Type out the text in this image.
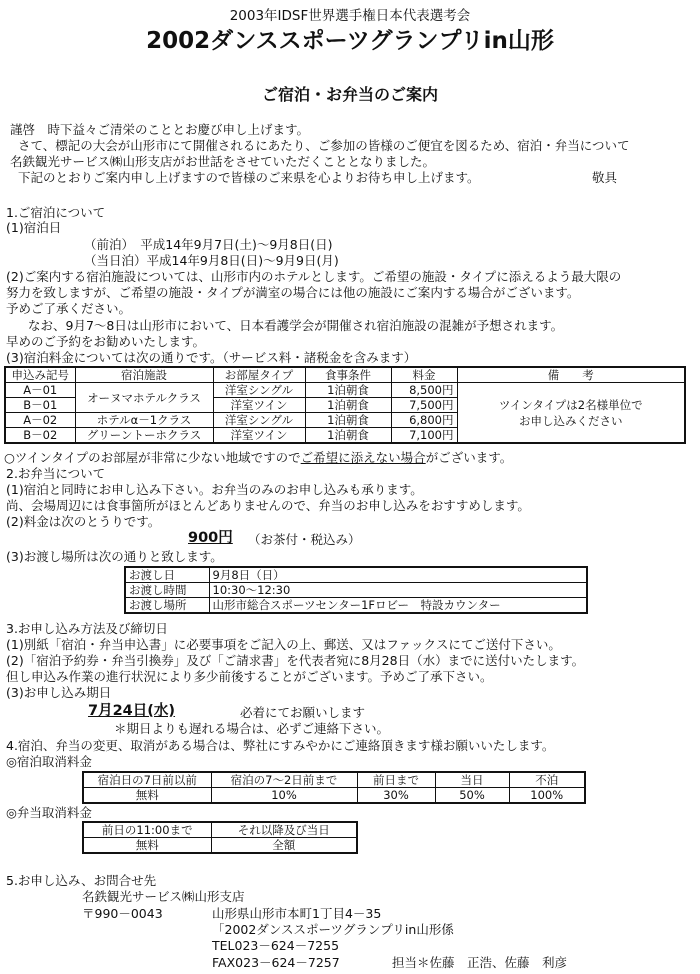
2003年IDSF世界選手権日本代表選考会
2002ダンススポーツグランプリin山形
ご宿泊・お弁当のご案内
謹啓　時下益々ご清栄のこととお慶び申し上げます。
さて、標記の大会が山形市にて開催されるにあたり、ご参加の皆様のご便宜を図るため、宿泊・弁当について
名鉄観光サービス㈱山形支店がお世話をさせていただくこととなりました。
下記のとおりご案内申し上げますので皆様のご来県を心よりお待ち申し上げます。	敬具
1.ご宿泊について
(1)宿泊日
（前泊）　平成14年9月7日(土)～9月8日(日)
（当日泊）平成14年9月8日(日)～9月9日(月)
(2)ご案内する宿泊施設については、山形市内のホテルとします。ご希望の施設・タイプに添えるよう最大限の
努力を致しますが、ご希望の施設・タイプが満室の場合には他の施設にご案内する場合がございます。
予めご了承ください。
なお、9月7～8日は山形市において、日本看護学会が開催され宿泊施設の混雑が予想されます。
早めのご予約をお勧めいたします。
(3)宿泊料金については次の通りです。（サービス料・諸税金を含みます）
申込み記号	宿泊施設	お部屋タイプ	食事条件	料金	備　　考
A－01	オーヌマホテルクラス	洋室シングル	1泊朝食	8,500円	ツインタイプは2名様単位で
お申し込みください
B－01		洋室ツイン	1泊朝食	7,500円	
A－02	ホテルα－1クラス	洋室シングル	1泊朝食	6,800円	
B－02	グリーントーホクラス	洋室ツイン	1泊朝食	7,100円	
○ツインタイプのお部屋が非常に少ない地域ですのでご希望に添えない場合がございます。
2.お弁当について
(1)宿泊と同時にお申し込み下さい。お弁当のみのお申し込みも承ります。
尚、会場周辺には食事箇所がほとんどありませんので、弁当のお申し込みをおすすめします。
(2)料金は次のとうりです。
900円 （お茶付・税込み）
(3)お渡し場所は次の通りと致します。
お渡し日	9月8日（日）
お渡し時間	10:30～12:30
お渡し場所	山形市総合スポーツセンター1Fロビー　特設カウンター
3.お申し込み方法及び締切日
(1)別紙「宿泊・弁当申込書」に必要事項をご記入の上、郵送、又はファックスにてご送付下さい。
(2)「宿泊予約券・弁当引換券」及び「ご請求書」を代表者宛に8月28日（水）までに送付いたします。
但し申込み作業の進行状況により多少前後することがございます。予めご了承下さい。
(3)お申し込み期日
7月24日(水)	必着にてお願いします
＊期日よりも遅れる場合は、必ずご連絡下さい。
4.宿泊、弁当の変更、取消がある場合は、弊社にすみやかにご連絡頂きます様お願いいたします。
◎宿泊取消料金
宿泊日の7日前以前	宿泊の7～2日前まで	前日まで	当日	不泊
無料	10%	30%	50%	100%
◎弁当取消料金
前日の11:00まで	それ以降及び当日
無料	全額
5.お申し込み、お問合せ先
名鉄観光サービス㈱山形支店
〒990－0043	山形県山形市本町1丁目4－35
「2002ダンススポーツグランプリin山形係
TEL023－624－7255
FAX023－624－7257	担当＊佐藤　正浩、佐藤　利彦
